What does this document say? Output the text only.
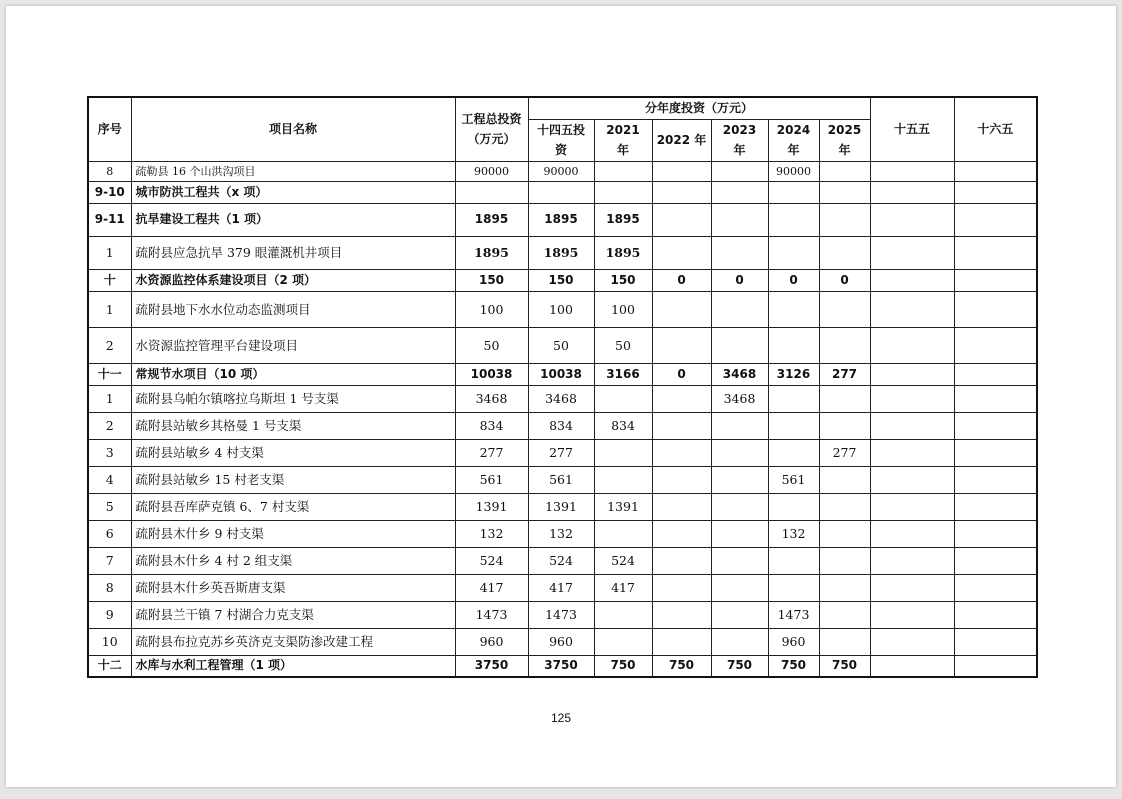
序号	项目名称	工程总投资（万元）	分年度投资（万元）						十五五	十六五
			十四五投资	2021 年	2022 年	2023 年	2024 年	2025 年		
8	疏勒县 16 个山洪沟项目	90000	90000				90000			
9-10	城市防洪工程共（x 项）									
9-11	抗旱建设工程共（1 项）	1895	1895	1895						
1	疏附县应急抗旱 379 眼灌溉机井项目	1895	1895	1895						
十	水资源监控体系建设项目（2 项）	150	150	150	0	0	0	0		
1	疏附县地下水水位动态监测项目	100	100	100						
2	水资源监控管理平台建设项目	50	50	50						
十一	常规节水项目（10 项）	10038	10038	3166	0	3468	3126	277		
1	疏附县乌帕尔镇喀拉乌斯坦 1 号支渠	3468	3468			3468				
2	疏附县站敏乡其格曼 1 号支渠	834	834	834						
3	疏附县站敏乡 4 村支渠	277	277					277		
4	疏附县站敏乡 15 村老支渠	561	561				561			
5	疏附县吾库萨克镇 6、7 村支渠	1391	1391	1391						
6	疏附县木什乡 9 村支渠	132	132				132			
7	疏附县木什乡 4 村 2 组支渠	524	524	524						
8	疏附县木什乡英吾斯唐支渠	417	417	417						
9	疏附县兰干镇 7 村湖合力克支渠	1473	1473				1473			
10	疏附县布拉克苏乡英济克支渠防渗改建工程	960	960				960			
十二	水库与水利工程管理（1 项）	3750	3750	750	750	750	750	750		
125
